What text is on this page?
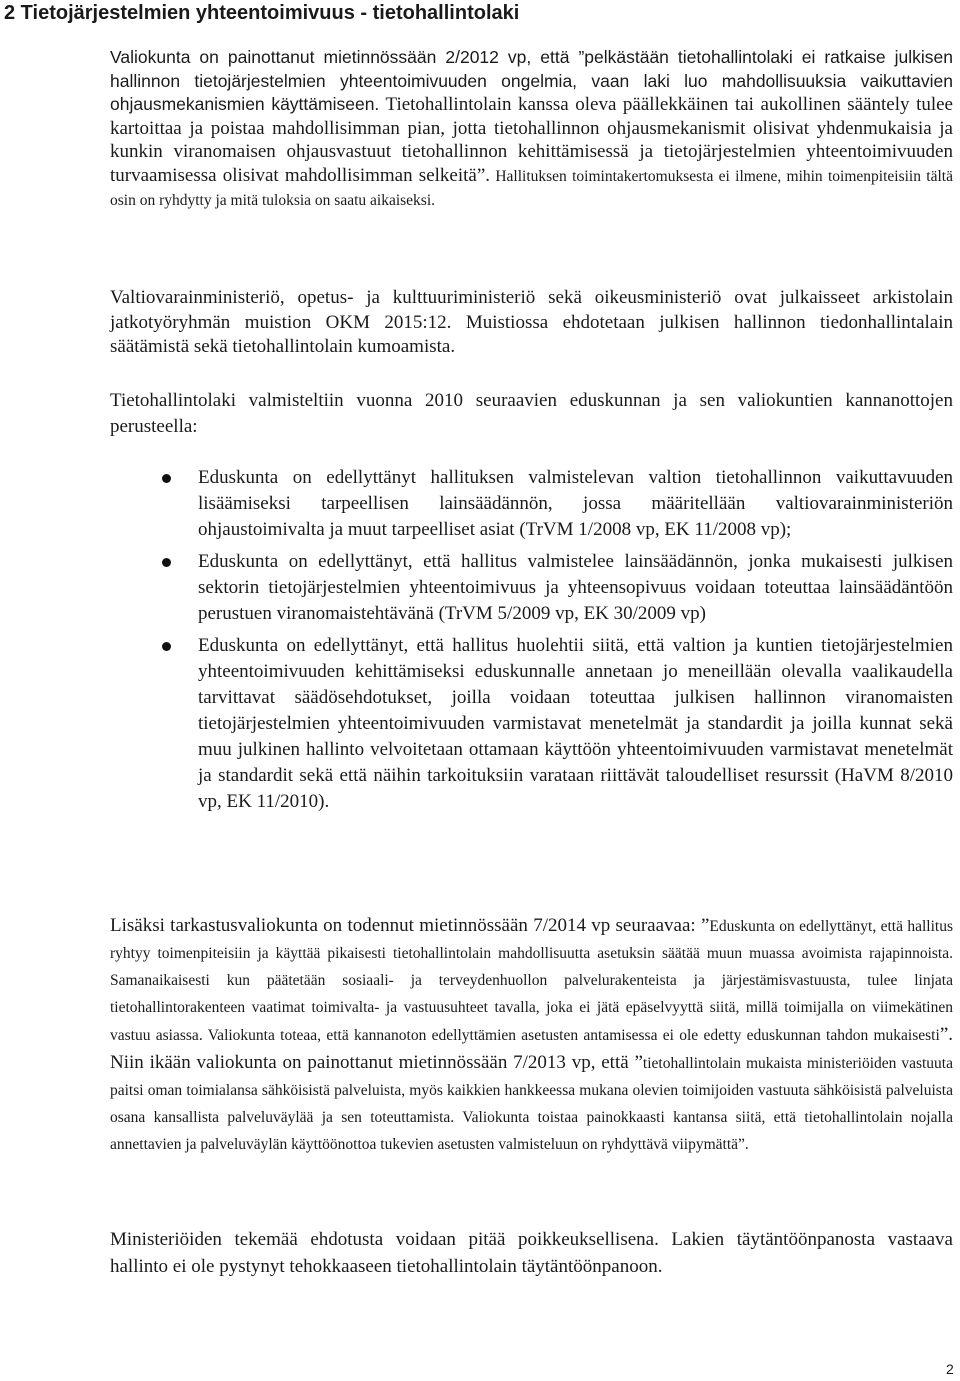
2 Tietojärjestelmien yhteentoimivuus - tietohallintolaki
Valiokunta on painottanut mietinnössään 2/2012 vp, että ”pelkästään tietohallintolaki ei ratkaise julkisen hallinnon tietojärjestelmien yhteentoimivuuden ongelmia, vaan laki luo mahdollisuuksia vaikuttavien ohjausmekanismien käyttämiseen. Tietohallintolain kanssa oleva päällekkäinen tai aukollinen sääntely tulee kartoittaa ja poistaa mahdollisimman pian, jotta tietohallinnon ohjausmekanismit olisivat yhdenmukaisia ja kunkin viranomaisen ohjausvastuut tietohallinnon kehittämisessä ja tietojärjestelmien yhteentoimivuuden turvaamisessa olisivat mahdollisimman selkeitä”. Hallituksen toimintakertomuksesta ei ilmene, mihin toimenpiteisiin tältä osin on ryhdytty ja mitä tuloksia on saatu aikaiseksi.
Valtiovarainministeriö, opetus- ja kulttuuriministeriö sekä oikeusministeriö ovat julkaisseet arkistolain jatkotyöryhmän muistion OKM 2015:12. Muistiossa ehdotetaan julkisen hallinnon tiedonhallintalain säätämistä sekä tietohallintolain kumoamista.
Tietohallintolaki valmisteltiin vuonna 2010 seuraavien eduskunnan ja sen valiokuntien kannanottojen perusteella:
Eduskunta on edellyttänyt hallituksen valmistelevan valtion tietohallinnon vaikuttavuuden lisäämiseksi tarpeellisen lainsäädännön, jossa määritellään valtiovarainministeriön ohjaustoimivalta ja muut tarpeelliset asiat (TrVM 1/2008 vp, EK 11/2008 vp);
Eduskunta on edellyttänyt, että hallitus valmistelee lainsäädännön, jonka mukaisesti julkisen sektorin tietojärjestelmien yhteentoimivuus ja yhteensopivuus voidaan toteuttaa lainsäädäntöön perustuen viranomaistehtävänä (TrVM 5/2009 vp, EK 30/2009 vp)
Eduskunta on edellyttänyt, että hallitus huolehtii siitä, että valtion ja kuntien tietojärjestelmien yhteentoimivuuden kehittämiseksi eduskunnalle annetaan jo meneillään olevalla vaalikaudella tarvittavat säädösehdotukset, joilla voidaan toteuttaa julkisen hallinnon viranomaisten tietojärjestelmien yhteentoimivuuden varmistavat menetelmät ja standardit ja joilla kunnat sekä muu julkinen hallinto velvoitetaan ottamaan käyttöön yhteentoimivuuden varmistavat menetelmät ja standardit sekä että näihin tarkoituksiin varataan riittävät taloudelliset resurssit (HaVM 8/2010 vp, EK 11/2010).
Lisäksi tarkastusvaliokunta on todennut mietinnössään 7/2014 vp seuraavaa: ”Eduskunta on edellyttänyt, että hallitus ryhtyy toimenpiteisiin ja käyttää pikaisesti tietohallintolain mahdollisuutta asetuksin säätää muun muassa avoimista rajapinnoista. Samanaikaisesti kun päätetään sosiaali- ja terveydenhuollon palvelurakenteista ja järjestämisvastuusta, tulee linjata tietohallintorakenteen vaatimat toimivalta- ja vastuusuhteet tavalla, joka ei jätä epäselvyyttä siitä, millä toimijalla on viimekätinen vastuu asiassa. Valiokunta toteaa, että kannanoton edellyttämien asetusten antamisessa ei ole edetty eduskunnan tahdon mukaisesti”. Niin ikään valiokunta on painottanut mietinnössään 7/2013 vp, että ”tietohallintolain mukaista ministeriöiden vastuuta paitsi oman toimialansa sähköisistä palveluista, myös kaikkien hankkeessa mukana olevien toimijoiden vastuuta sähköisistä palveluista osana kansallista palveluväylää ja sen toteuttamista. Valiokunta toistaa painokkaasti kantansa siitä, että tietohallintolain nojalla annettavien ja palveluväylän käyttöönottoa tukevien asetusten valmisteluun on ryhdyttävä viipymättä”.
Ministeriöiden tekemää ehdotusta voidaan pitää poikkeuksellisena. Lakien täytäntöönpanosta vastaava hallinto ei ole pystynyt tehokkaaseen tietohallintolain täytäntöönpanoon.
2
